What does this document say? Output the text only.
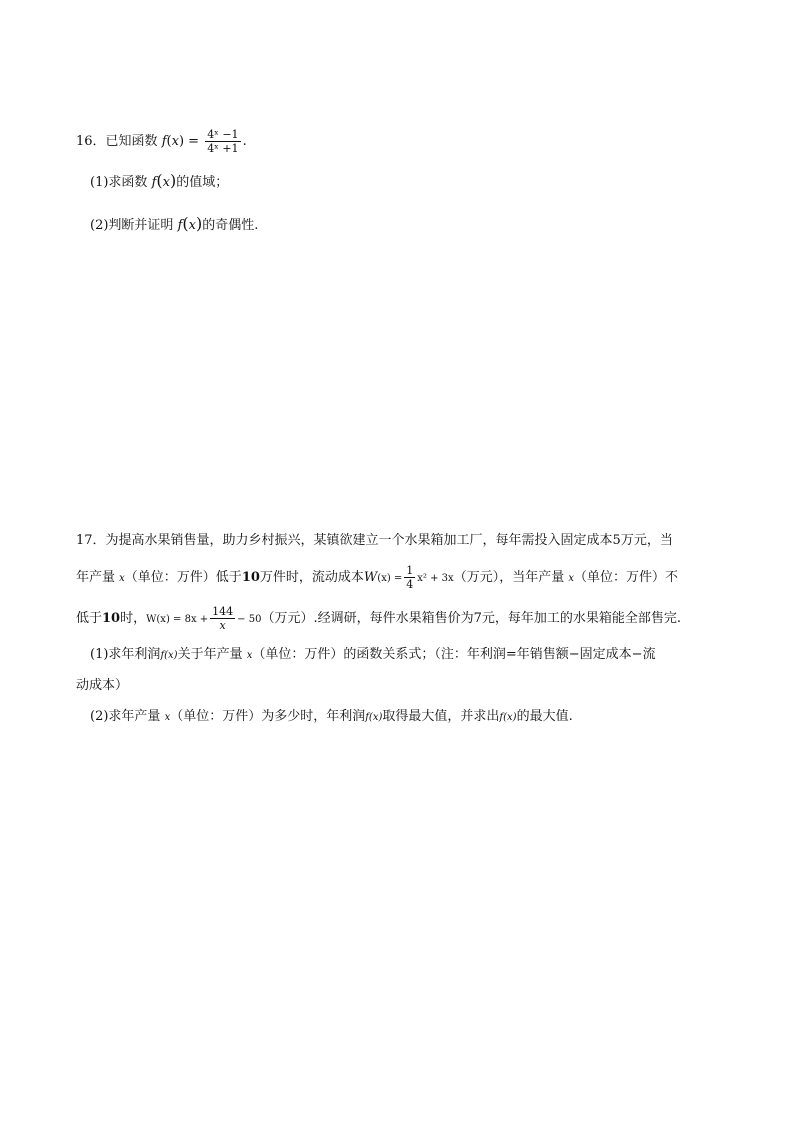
16．已知函数 $f(x) = \frac{\text{4ˣ −1}}{\text{4ˣ +1}}$ .
(1)求函数 f(x)的值域；
(2)判断并证明 f(x)的奇偶性.
17．为提高水果销售量，助力乡村振兴，某镇欲建立一个水果箱加工厂，每年需投入固定成本5万元，当
年产量 x（单位：万件）低于10万件时，流动成本$W(x) = \frac{1}{4} x^2 + 3x$（万元），当年产量 x（单位：万件）不
低于10时，$W(x) = 8x + \frac{144}{x} - 50$（万元）.经调研，每件水果箱售价为7元，每年加工的水果箱能全部售完.
(1)求年利润f(x)关于年产量 x（单位：万件）的函数关系式；（注：年利润=年销售额−固定成本−流
动成本）
(2)求年产量 x（单位：万件）为多少时，年利润f(x)取得最大值，并求出f(x)的最大值.
